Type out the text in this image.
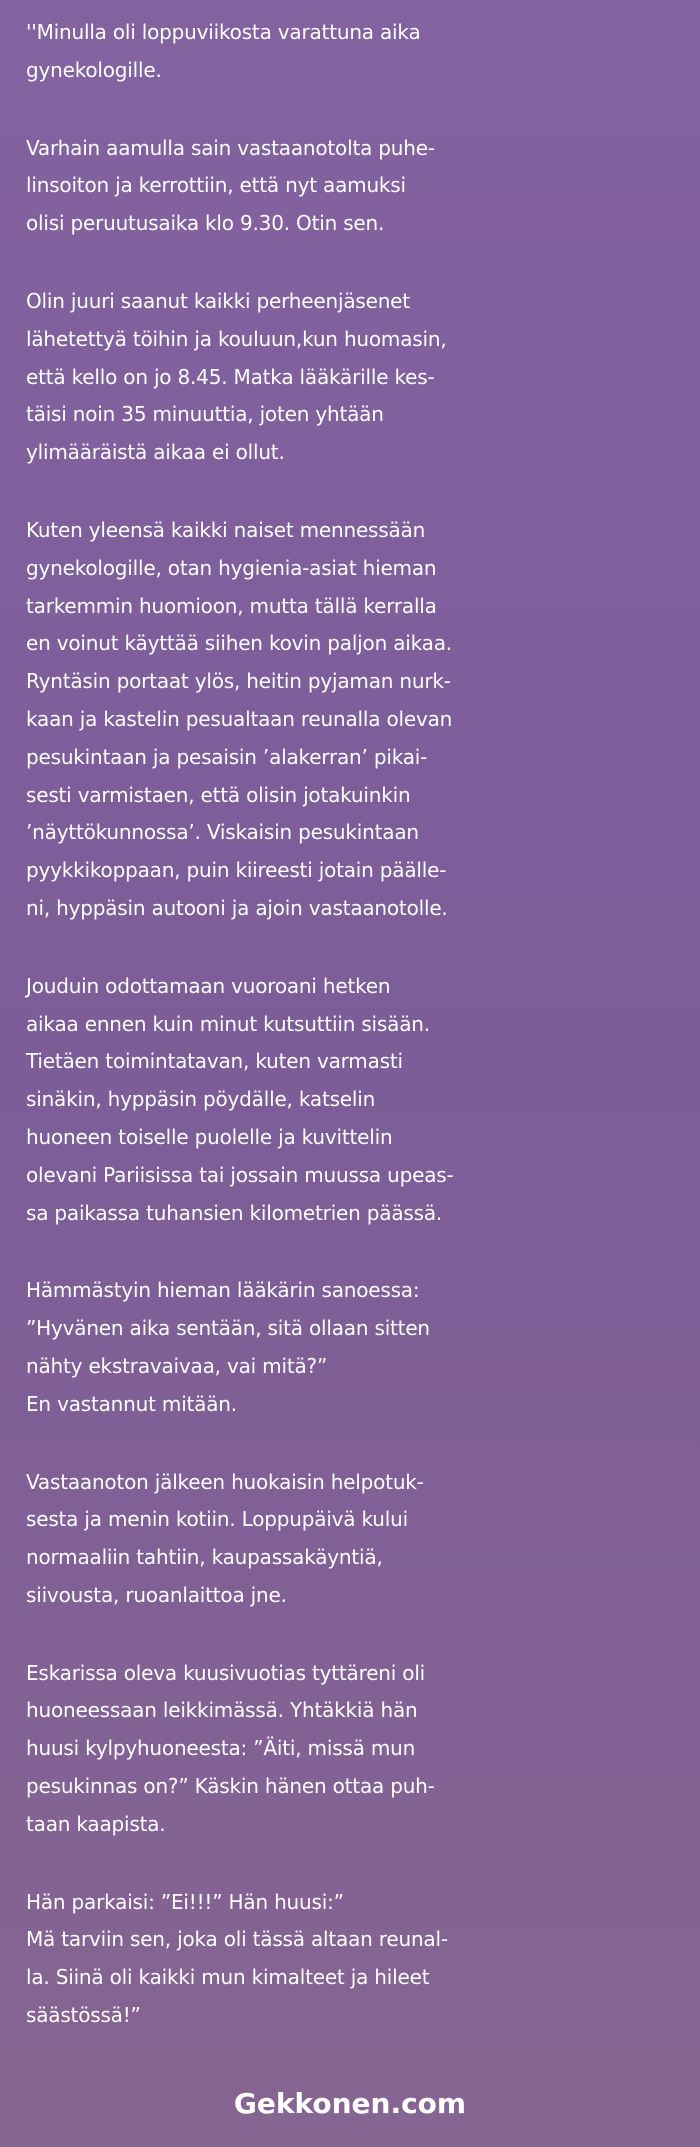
''Minulla oli loppuviikosta varattuna aika
gynekologille.
Varhain aamulla sain vastaanotolta puhe-
linsoiton ja kerrottiin, että nyt aamuksi
olisi peruutusaika klo 9.30. Otin sen.
Olin juuri saanut kaikki perheenjäsenet
lähetettyä töihin ja kouluun,kun huomasin,
että kello on jo 8.45. Matka lääkärille kes-
täisi noin 35 minuuttia, joten yhtään
ylimääräistä aikaa ei ollut.
Kuten yleensä kaikki naiset mennessään
gynekologille, otan hygienia-asiat hieman
tarkemmin huomioon, mutta tällä kerralla
en voinut käyttää siihen kovin paljon aikaa.
Ryntäsin portaat ylös, heitin pyjaman nurk-
kaan ja kastelin pesualtaan reunalla olevan
pesukintaan ja pesaisin ’alakerran’ pikai-
sesti varmistaen, että olisin jotakuinkin
’näyttökunnossa’. Viskaisin pesukintaan
pyykkikoppaan, puin kiireesti jotain päälle-
ni, hyppäsin autooni ja ajoin vastaanotolle.
Jouduin odottamaan vuoroani hetken
aikaa ennen kuin minut kutsuttiin sisään.
Tietäen toimintatavan, kuten varmasti
sinäkin, hyppäsin pöydälle, katselin
huoneen toiselle puolelle ja kuvittelin
olevani Pariisissa tai jossain muussa upeas-
sa paikassa tuhansien kilometrien päässä.
Hämmästyin hieman lääkärin sanoessa:
”Hyvänen aika sentään, sitä ollaan sitten
nähty ekstravaivaa, vai mitä?”
En vastannut mitään.
Vastaanoton jälkeen huokaisin helpotuk-
sesta ja menin kotiin. Loppupäivä kului
normaaliin tahtiin, kaupassakäyntiä,
siivousta, ruoanlaittoa jne.
Eskarissa oleva kuusivuotias tyttäreni oli
huoneessaan leikkimässä. Yhtäkkiä hän
huusi kylpyhuoneesta: ”Äiti, missä mun
pesukinnas on?” Käskin hänen ottaa puh-
taan kaapista.
Hän parkaisi: ”Ei!!!” Hän huusi:”
Mä tarviin sen, joka oli tässä altaan reunal-
la. Siinä oli kaikki mun kimalteet ja hileet
säästössä!”
Gekkonen.com
